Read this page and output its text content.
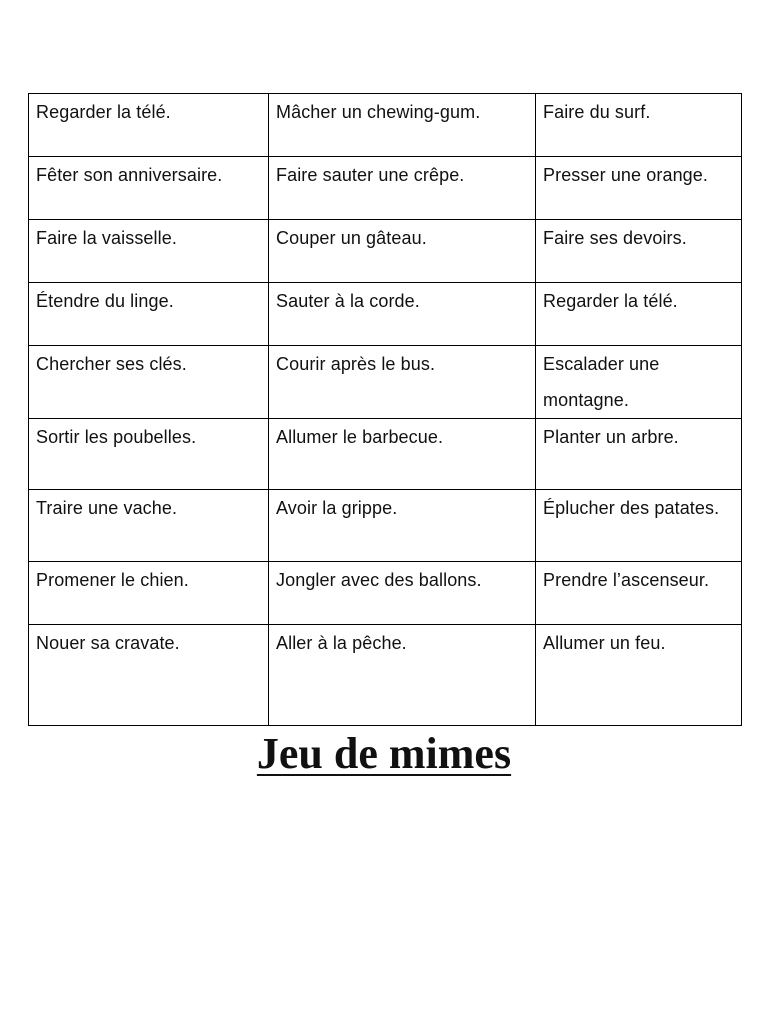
Regarder la télé.	Mâcher un chewing-gum.	Faire du surf.
Fêter son anniversaire.	Faire sauter une crêpe.	Presser une orange.
Faire la vaisselle.	Couper un gâteau.	Faire ses devoirs.
Étendre du linge.	Sauter à la corde.	Regarder la télé.
Chercher ses clés.	Courir après le bus.	Escalader une montagne.
Sortir les poubelles.	Allumer le barbecue.	Planter un arbre.
Traire une vache.	Avoir la grippe.	Éplucher des patates.
Promener le chien.	Jongler avec des ballons.	Prendre l’ascenseur.
Nouer sa cravate.	Aller à la pêche.	Allumer un feu.
Jeu de mimes
